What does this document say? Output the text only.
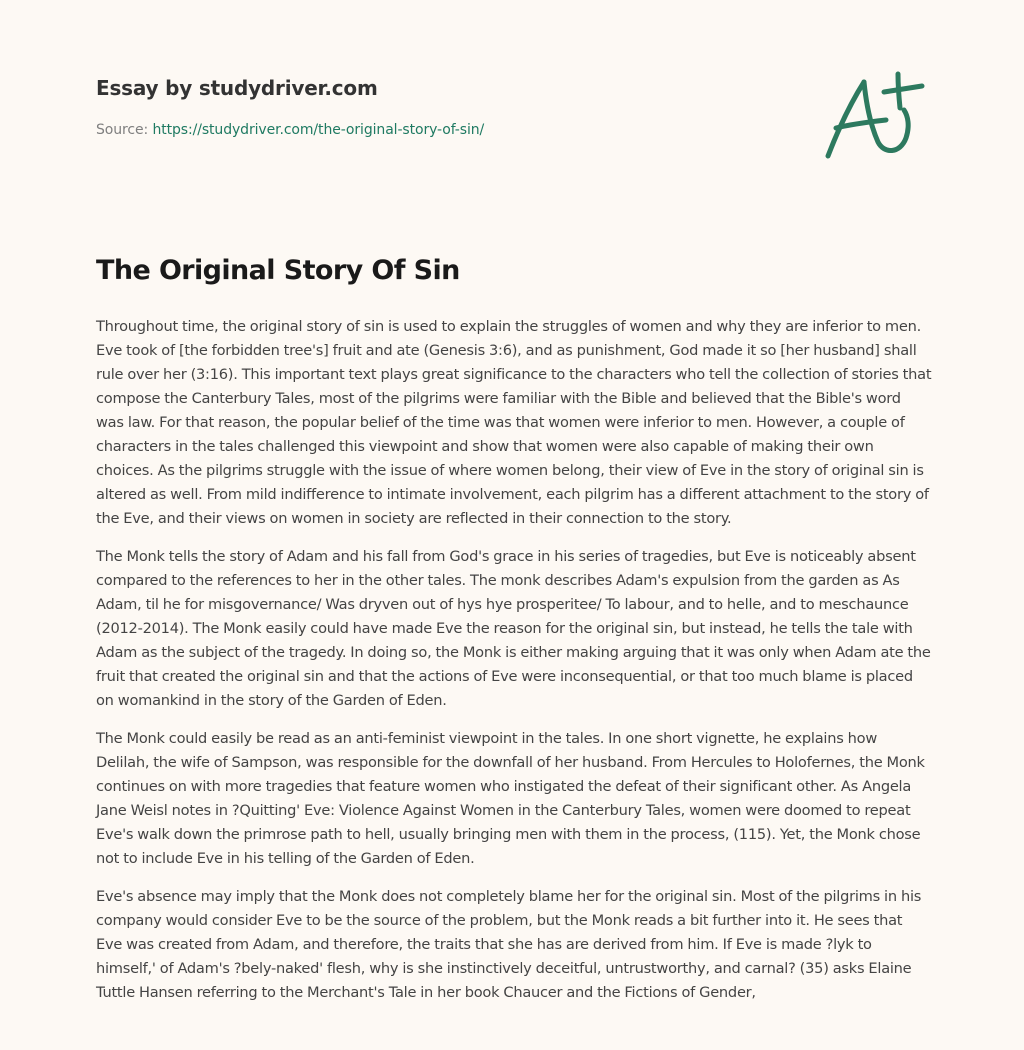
Essay by studydriver.com
Source: https://studydriver.com/the-original-story-of-sin/
The Original Story Of Sin

Throughout time, the original story of sin is used to explain the struggles of women and why they are inferior to men. Eve took of [the forbidden tree's] fruit and ate (Genesis 3:6), and as punishment, God made it so [her husband] shall rule over her (3:16). This important text plays great significance to the characters who tell the collection of stories that compose the Canterbury Tales, most of the pilgrims were familiar with the Bible and believed that the Bible's word was law. For that reason, the popular belief of the time was that women were inferior to men. However, a couple of characters in the tales challenged this viewpoint and show that women were also capable of making their own choices. As the pilgrims struggle with the issue of where women belong, their view of Eve in the story of original sin is altered as well. From mild indifference to intimate involvement, each pilgrim has a different attachment to the story of the Eve, and their views on women in society are reflected in their connection to the story.

The Monk tells the story of Adam and his fall from God's grace in his series of tragedies, but Eve is noticeably absent compared to the references to her in the other tales. The monk describes Adam's expulsion from the garden as As Adam, til he for misgovernance/ Was dryven out of hys hye prosperitee/ To labour, and to helle, and to meschaunce (2012-2014). The Monk easily could have made Eve the reason for the original sin, but instead, he tells the tale with Adam as the subject of the tragedy. In doing so, the Monk is either making arguing that it was only when Adam ate the fruit that created the original sin and that the actions of Eve were inconsequential, or that too much blame is placed on womankind in the story of the Garden of Eden.

The Monk could easily be read as an anti-feminist viewpoint in the tales. In one short vignette, he explains how Delilah, the wife of Sampson, was responsible for the downfall of her husband. From Hercules to Holofernes, the Monk continues on with more tragedies that feature women who instigated the defeat of their significant other. As Angela Jane Weisl notes in ?Quitting' Eve: Violence Against Women in the Canterbury Tales, women were doomed to repeat Eve's walk down the primrose path to hell, usually bringing men with them in the process, (115). Yet, the Monk chose not to include Eve in his telling of the Garden of Eden.

Eve's absence may imply that the Monk does not completely blame her for the original sin. Most of the pilgrims in his company would consider Eve to be the source of the problem, but the Monk reads a bit further into it. He sees that Eve was created from Adam, and therefore, the traits that she has are derived from him. If Eve is made ?lyk to himself,' of Adam's ?bely-naked' flesh, why is she instinctively deceitful, untrustworthy, and carnal? (35) asks Elaine Tuttle Hansen referring to the Merchant's Tale in her book Chaucer and the Fictions of Gender,
